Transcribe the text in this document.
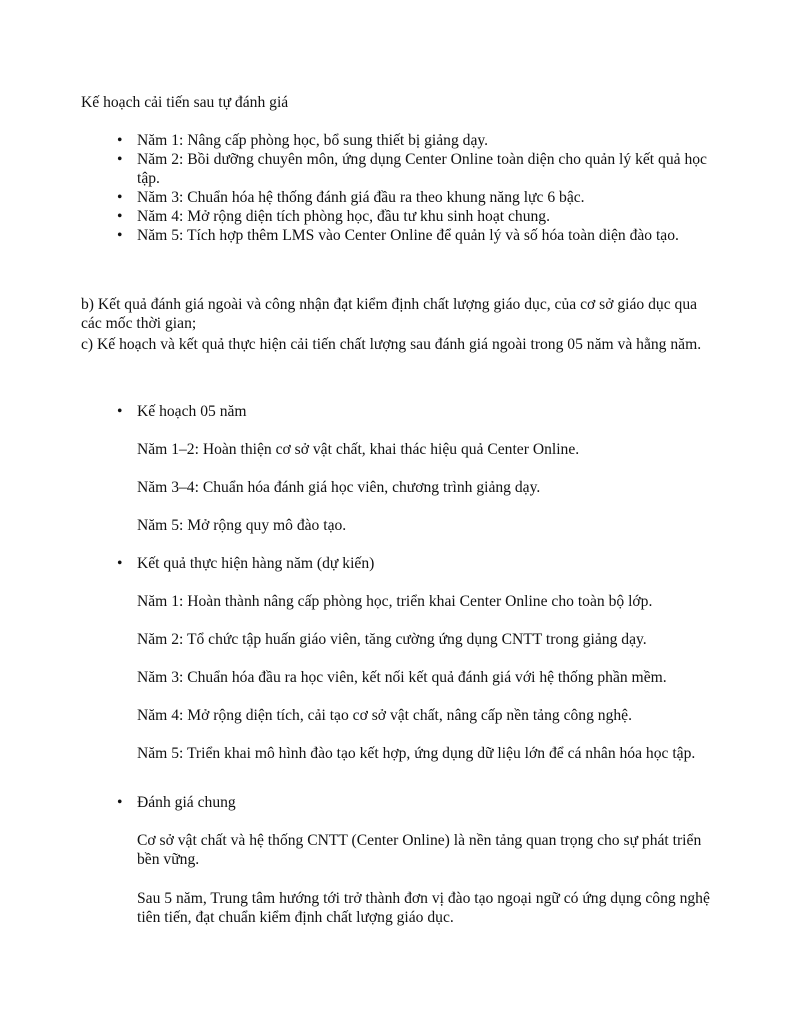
Kế hoạch cải tiến sau tự đánh giá
• Năm 1: Nâng cấp phòng học, bổ sung thiết bị giảng dạy.
• Năm 2: Bồi dưỡng chuyên môn, ứng dụng Center Online toàn diện cho quản lý kết quả học tập.
• Năm 3: Chuẩn hóa hệ thống đánh giá đầu ra theo khung năng lực 6 bậc.
• Năm 4: Mở rộng diện tích phòng học, đầu tư khu sinh hoạt chung.
• Năm 5: Tích hợp thêm LMS vào Center Online để quản lý và số hóa toàn diện đào tạo.
b) Kết quả đánh giá ngoài và công nhận đạt kiểm định chất lượng giáo dục, của cơ sở giáo dục qua các mốc thời gian;
c) Kế hoạch và kết quả thực hiện cải tiến chất lượng sau đánh giá ngoài trong 05 năm và hằng năm.
• Kế hoạch 05 năm
Năm 1–2: Hoàn thiện cơ sở vật chất, khai thác hiệu quả Center Online.
Năm 3–4: Chuẩn hóa đánh giá học viên, chương trình giảng dạy.
Năm 5: Mở rộng quy mô đào tạo.
• Kết quả thực hiện hàng năm (dự kiến)
Năm 1: Hoàn thành nâng cấp phòng học, triển khai Center Online cho toàn bộ lớp.
Năm 2: Tổ chức tập huấn giáo viên, tăng cường ứng dụng CNTT trong giảng dạy.
Năm 3: Chuẩn hóa đầu ra học viên, kết nối kết quả đánh giá với hệ thống phần mềm.
Năm 4: Mở rộng diện tích, cải tạo cơ sở vật chất, nâng cấp nền tảng công nghệ.
Năm 5: Triển khai mô hình đào tạo kết hợp, ứng dụng dữ liệu lớn để cá nhân hóa học tập.
• Đánh giá chung
Cơ sở vật chất và hệ thống CNTT (Center Online) là nền tảng quan trọng cho sự phát triển bền vững.
Sau 5 năm, Trung tâm hướng tới trở thành đơn vị đào tạo ngoại ngữ có ứng dụng công nghệ tiên tiến, đạt chuẩn kiểm định chất lượng giáo dục.
